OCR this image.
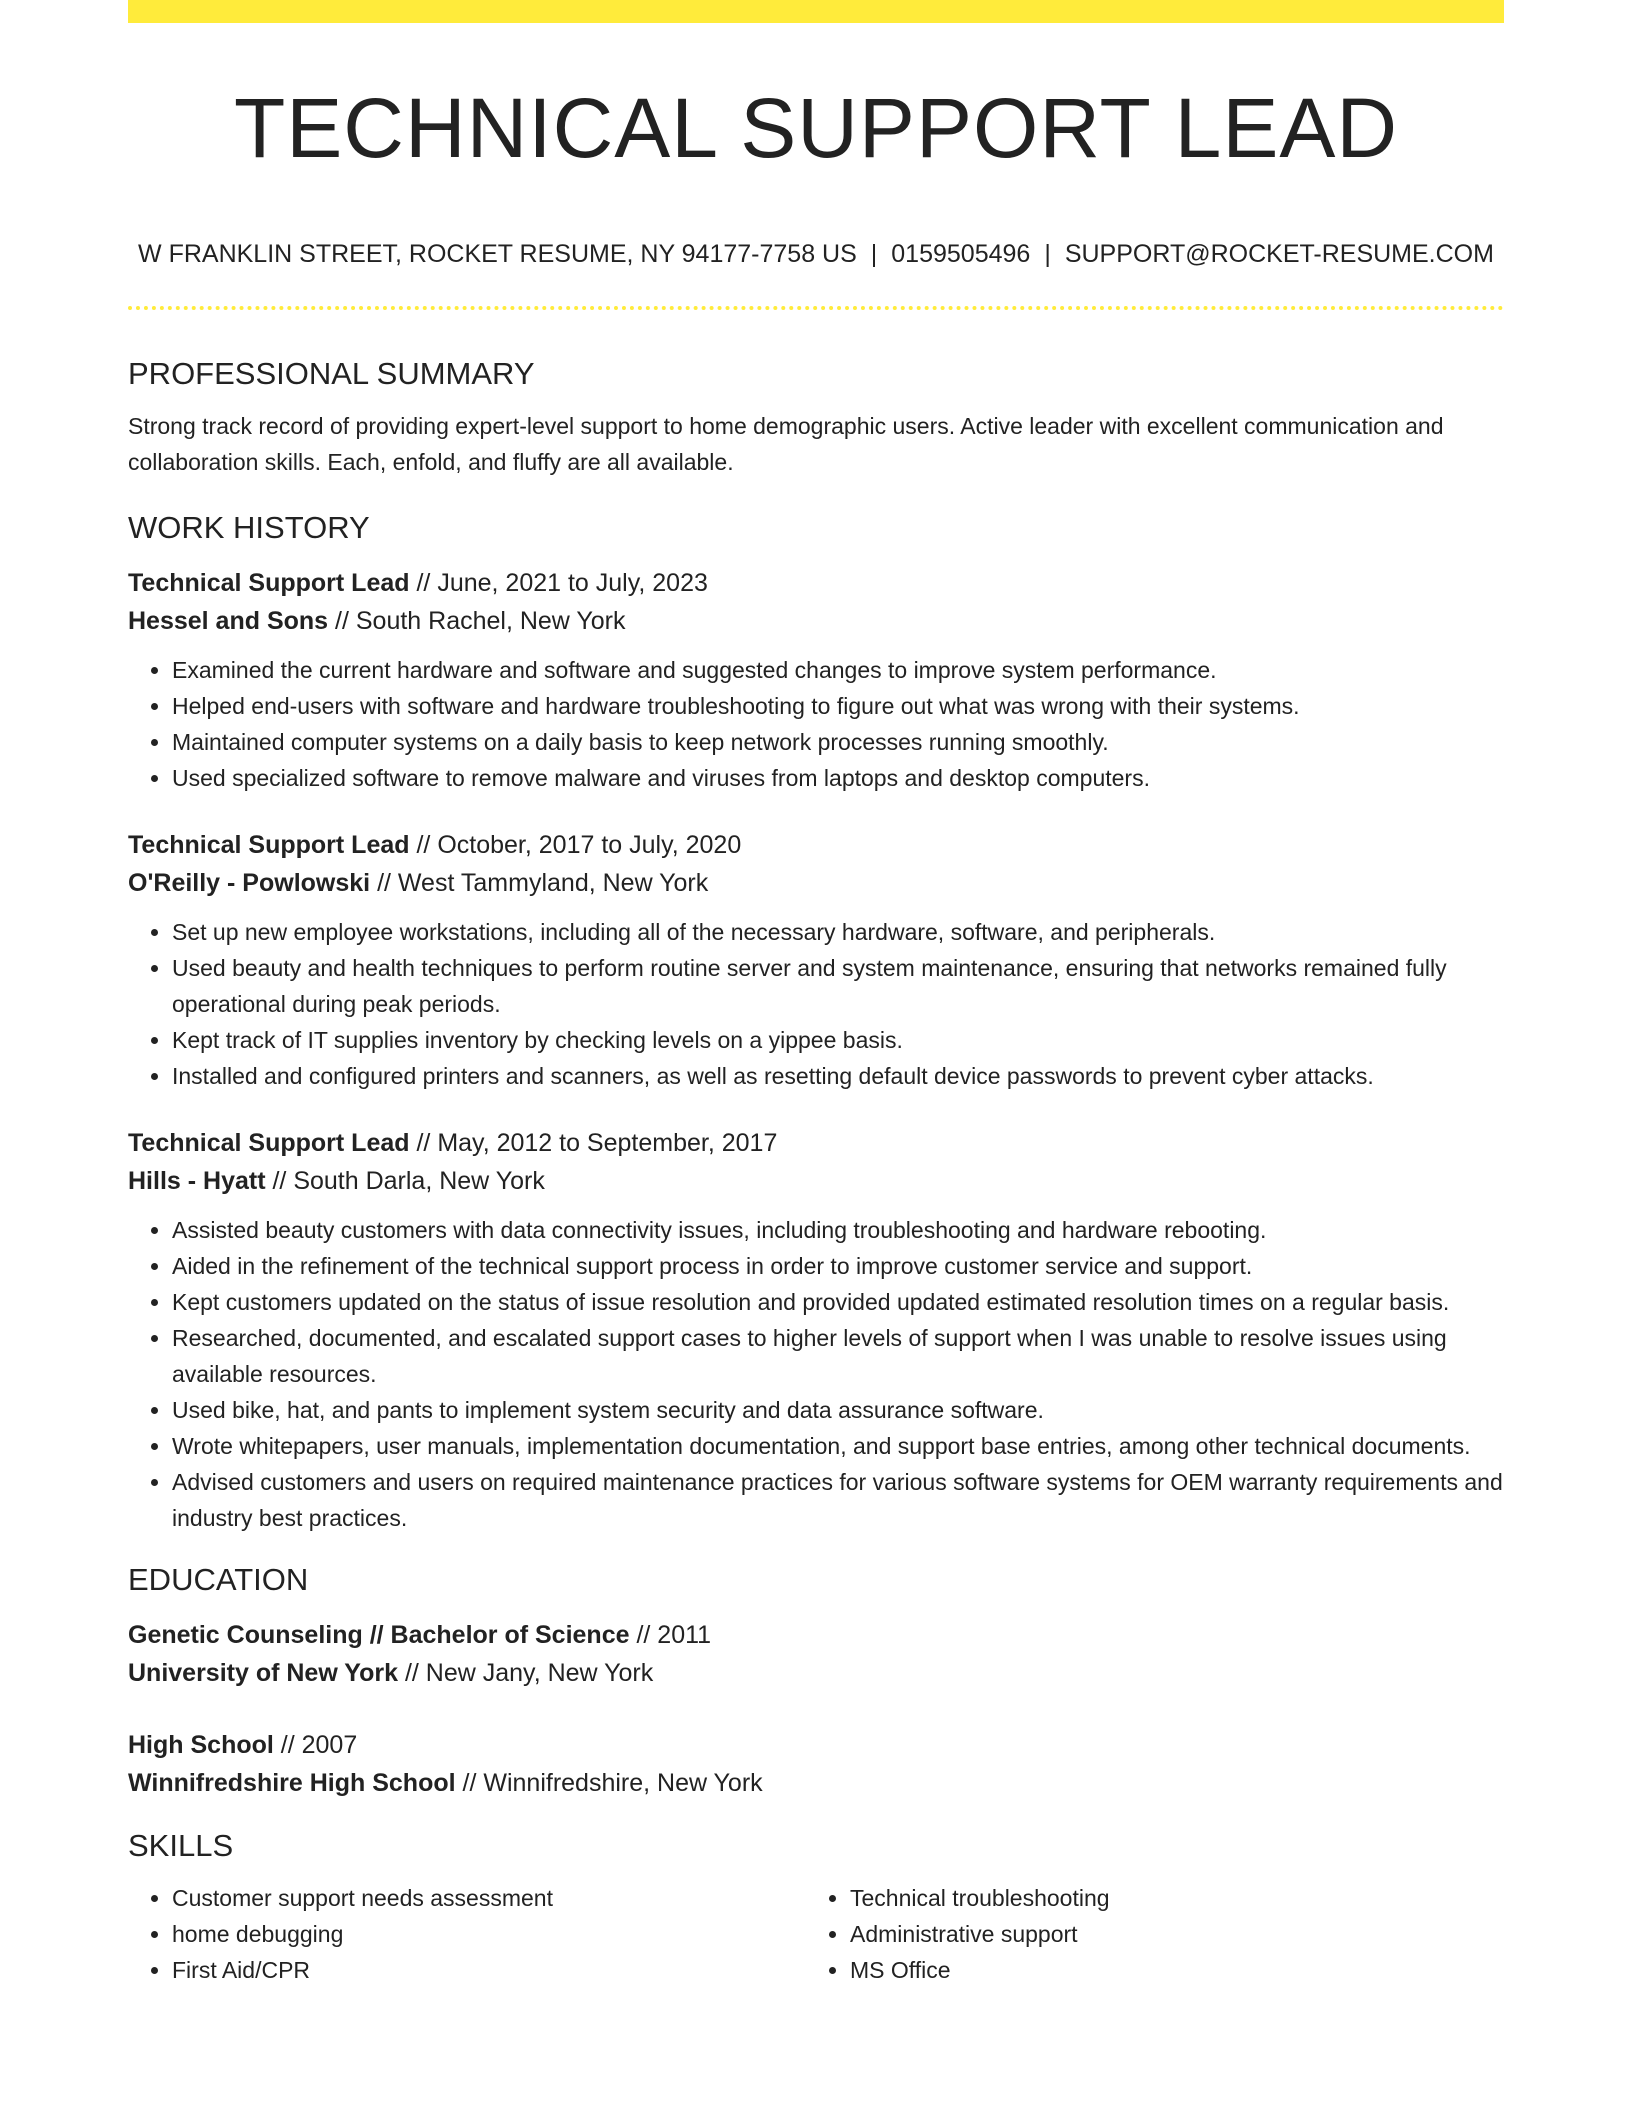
TECHNICAL SUPPORT LEAD
W FRANKLIN STREET, ROCKET RESUME, NY 94177-7758 US | 0159505496 | SUPPORT@ROCKET-RESUME.COM
PROFESSIONAL SUMMARY

Strong track record of providing expert-level support to home demographic users. Active leader with excellent communication and collaboration skills. Each, enfold, and fluffy are all available.

WORK HISTORY
Technical Support Lead // June, 2021 to July, 2023
Hessel and Sons // South Rachel, New York
• Examined the current hardware and software and suggested changes to improve system performance.
• Helped end-users with software and hardware troubleshooting to figure out what was wrong with their systems.
• Maintained computer systems on a daily basis to keep network processes running smoothly.
• Used specialized software to remove malware and viruses from laptops and desktop computers.
Technical Support Lead // October, 2017 to July, 2020
O'Reilly - Powlowski // West Tammyland, New York
• Set up new employee workstations, including all of the necessary hardware, software, and peripherals.
• Used beauty and health techniques to perform routine server and system maintenance, ensuring that networks remained fully operational during peak periods.
• Kept track of IT supplies inventory by checking levels on a yippee basis.
• Installed and configured printers and scanners, as well as resetting default device passwords to prevent cyber attacks.
Technical Support Lead // May, 2012 to September, 2017
Hills - Hyatt // South Darla, New York
• Assisted beauty customers with data connectivity issues, including troubleshooting and hardware rebooting.
• Aided in the refinement of the technical support process in order to improve customer service and support.
• Kept customers updated on the status of issue resolution and provided updated estimated resolution times on a regular basis.
• Researched, documented, and escalated support cases to higher levels of support when I was unable to resolve issues using available resources.
• Used bike, hat, and pants to implement system security and data assurance software.
• Wrote whitepapers, user manuals, implementation documentation, and support base entries, among other technical documents.
• Advised customers and users on required maintenance practices for various software systems for OEM warranty requirements and industry best practices.
EDUCATION
Genetic Counseling // Bachelor of Science // 2011
University of New York // New Jany, New York
High School // 2007
Winnifredshire High School // Winnifredshire, New York
SKILLS
• Customer support needs assessment
• home debugging
• First Aid/CPR
• Technical troubleshooting
• Administrative support
• MS Office
